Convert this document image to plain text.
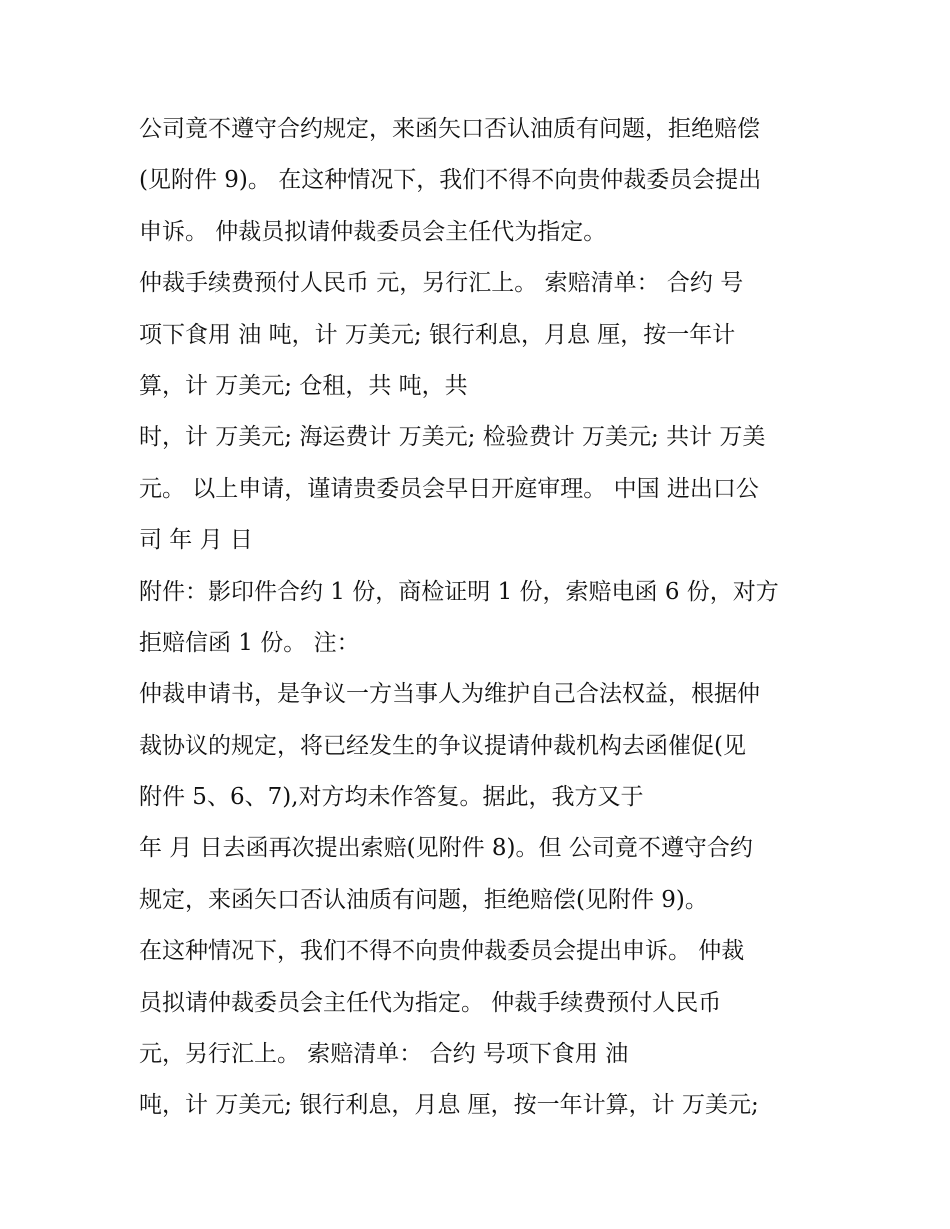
公司竟不遵守合约规定，来函矢口否认油质有问题，拒绝赔偿
(见附件 9)。 在这种情况下，我们不得不向贵仲裁委员会提出
申诉。 仲裁员拟请仲裁委员会主任代为指定。
仲裁手续费预付人民币 元，另行汇上。 索赔清单： 合约 号
项下食用 油 吨，计 万美元; 银行利息，月息 厘，按一年计
算，计 万美元; 仓租，共 吨，共
时，计 万美元; 海运费计 万美元; 检验费计 万美元; 共计 万美
元。 以上申请，谨请贵委员会早日开庭审理。 中国 进出口公
司 年 月 日
附件：影印件合约 1 份，商检证明 1 份，索赔电函 6 份，对方
拒赔信函 1 份。 注：
仲裁申请书，是争议一方当事人为维护自己合法权益，根据仲
裁协议的规定，将已经发生的争议提请仲裁机构去函催促(见
附件 5、6、7),对方均未作答复。据此，我方又于
年 月 日去函再次提出索赔(见附件 8)。但 公司竟不遵守合约
规定，来函矢口否认油质有问题，拒绝赔偿(见附件 9)。
在这种情况下，我们不得不向贵仲裁委员会提出申诉。 仲裁
员拟请仲裁委员会主任代为指定。 仲裁手续费预付人民币
元，另行汇上。 索赔清单： 合约 号项下食用 油
吨，计 万美元; 银行利息，月息 厘，按一年计算，计 万美元;
